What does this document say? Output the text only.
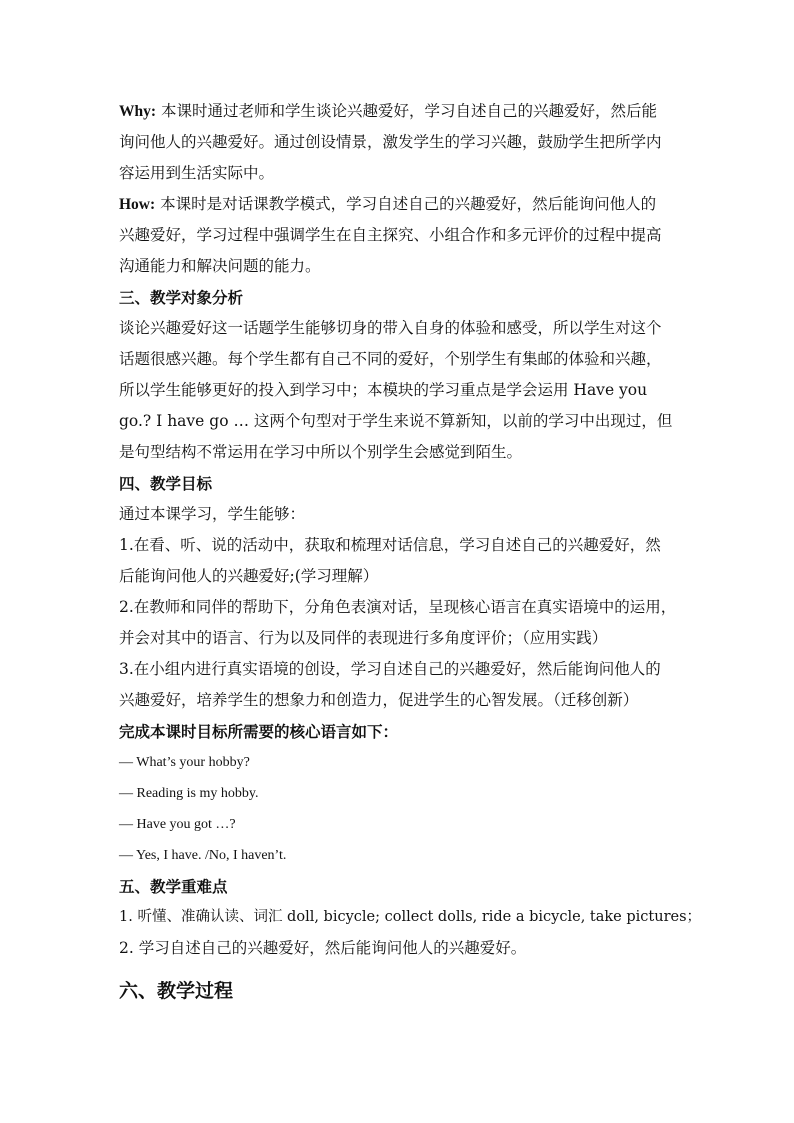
Why: 本课时通过老师和学生谈论兴趣爱好，学习自述自己的兴趣爱好，然后能
询问他人的兴趣爱好。通过创设情景，激发学生的学习兴趣，鼓励学生把所学内
容运用到生活实际中。
How: 本课时是对话课教学模式，学习自述自己的兴趣爱好，然后能询问他人的
兴趣爱好，学习过程中强调学生在自主探究、小组合作和多元评价的过程中提高
沟通能力和解决问题的能力。
三、教学对象分析
谈论兴趣爱好这一话题学生能够切身的带入自身的体验和感受，所以学生对这个
话题很感兴趣。每个学生都有自己不同的爱好，个别学生有集邮的体验和兴趣，
所以学生能够更好的投入到学习中；本模块的学习重点是学会运用 Have you
go.? I have go … 这两个句型对于学生来说不算新知，以前的学习中出现过，但
是句型结构不常运用在学习中所以个别学生会感觉到陌生。
四、教学目标
通过本课学习，学生能够：
1.在看、听、说的活动中，获取和梳理对话信息，学习自述自己的兴趣爱好，然
后能询问他人的兴趣爱好;(学习理解）
2.在教师和同伴的帮助下，分角色表演对话，呈现核心语言在真实语境中的运用，
并会对其中的语言、行为以及同伴的表现进行多角度评价；（应用实践）
3.在小组内进行真实语境的创设，学习自述自己的兴趣爱好，然后能询问他人的
兴趣爱好，培养学生的想象力和创造力，促进学生的心智发展。（迁移创新）
完成本课时目标所需要的核心语言如下：
— What’s your hobby?
— Reading is my hobby.
— Have you got …?
— Yes, I have. /No, I haven’t.
五、教学重难点
1. 听懂、准确认读、词汇 doll, bicycle; collect dolls, ride a bicycle, take pictures；
2. 学习自述自己的兴趣爱好，然后能询问他人的兴趣爱好。
六、教学过程
